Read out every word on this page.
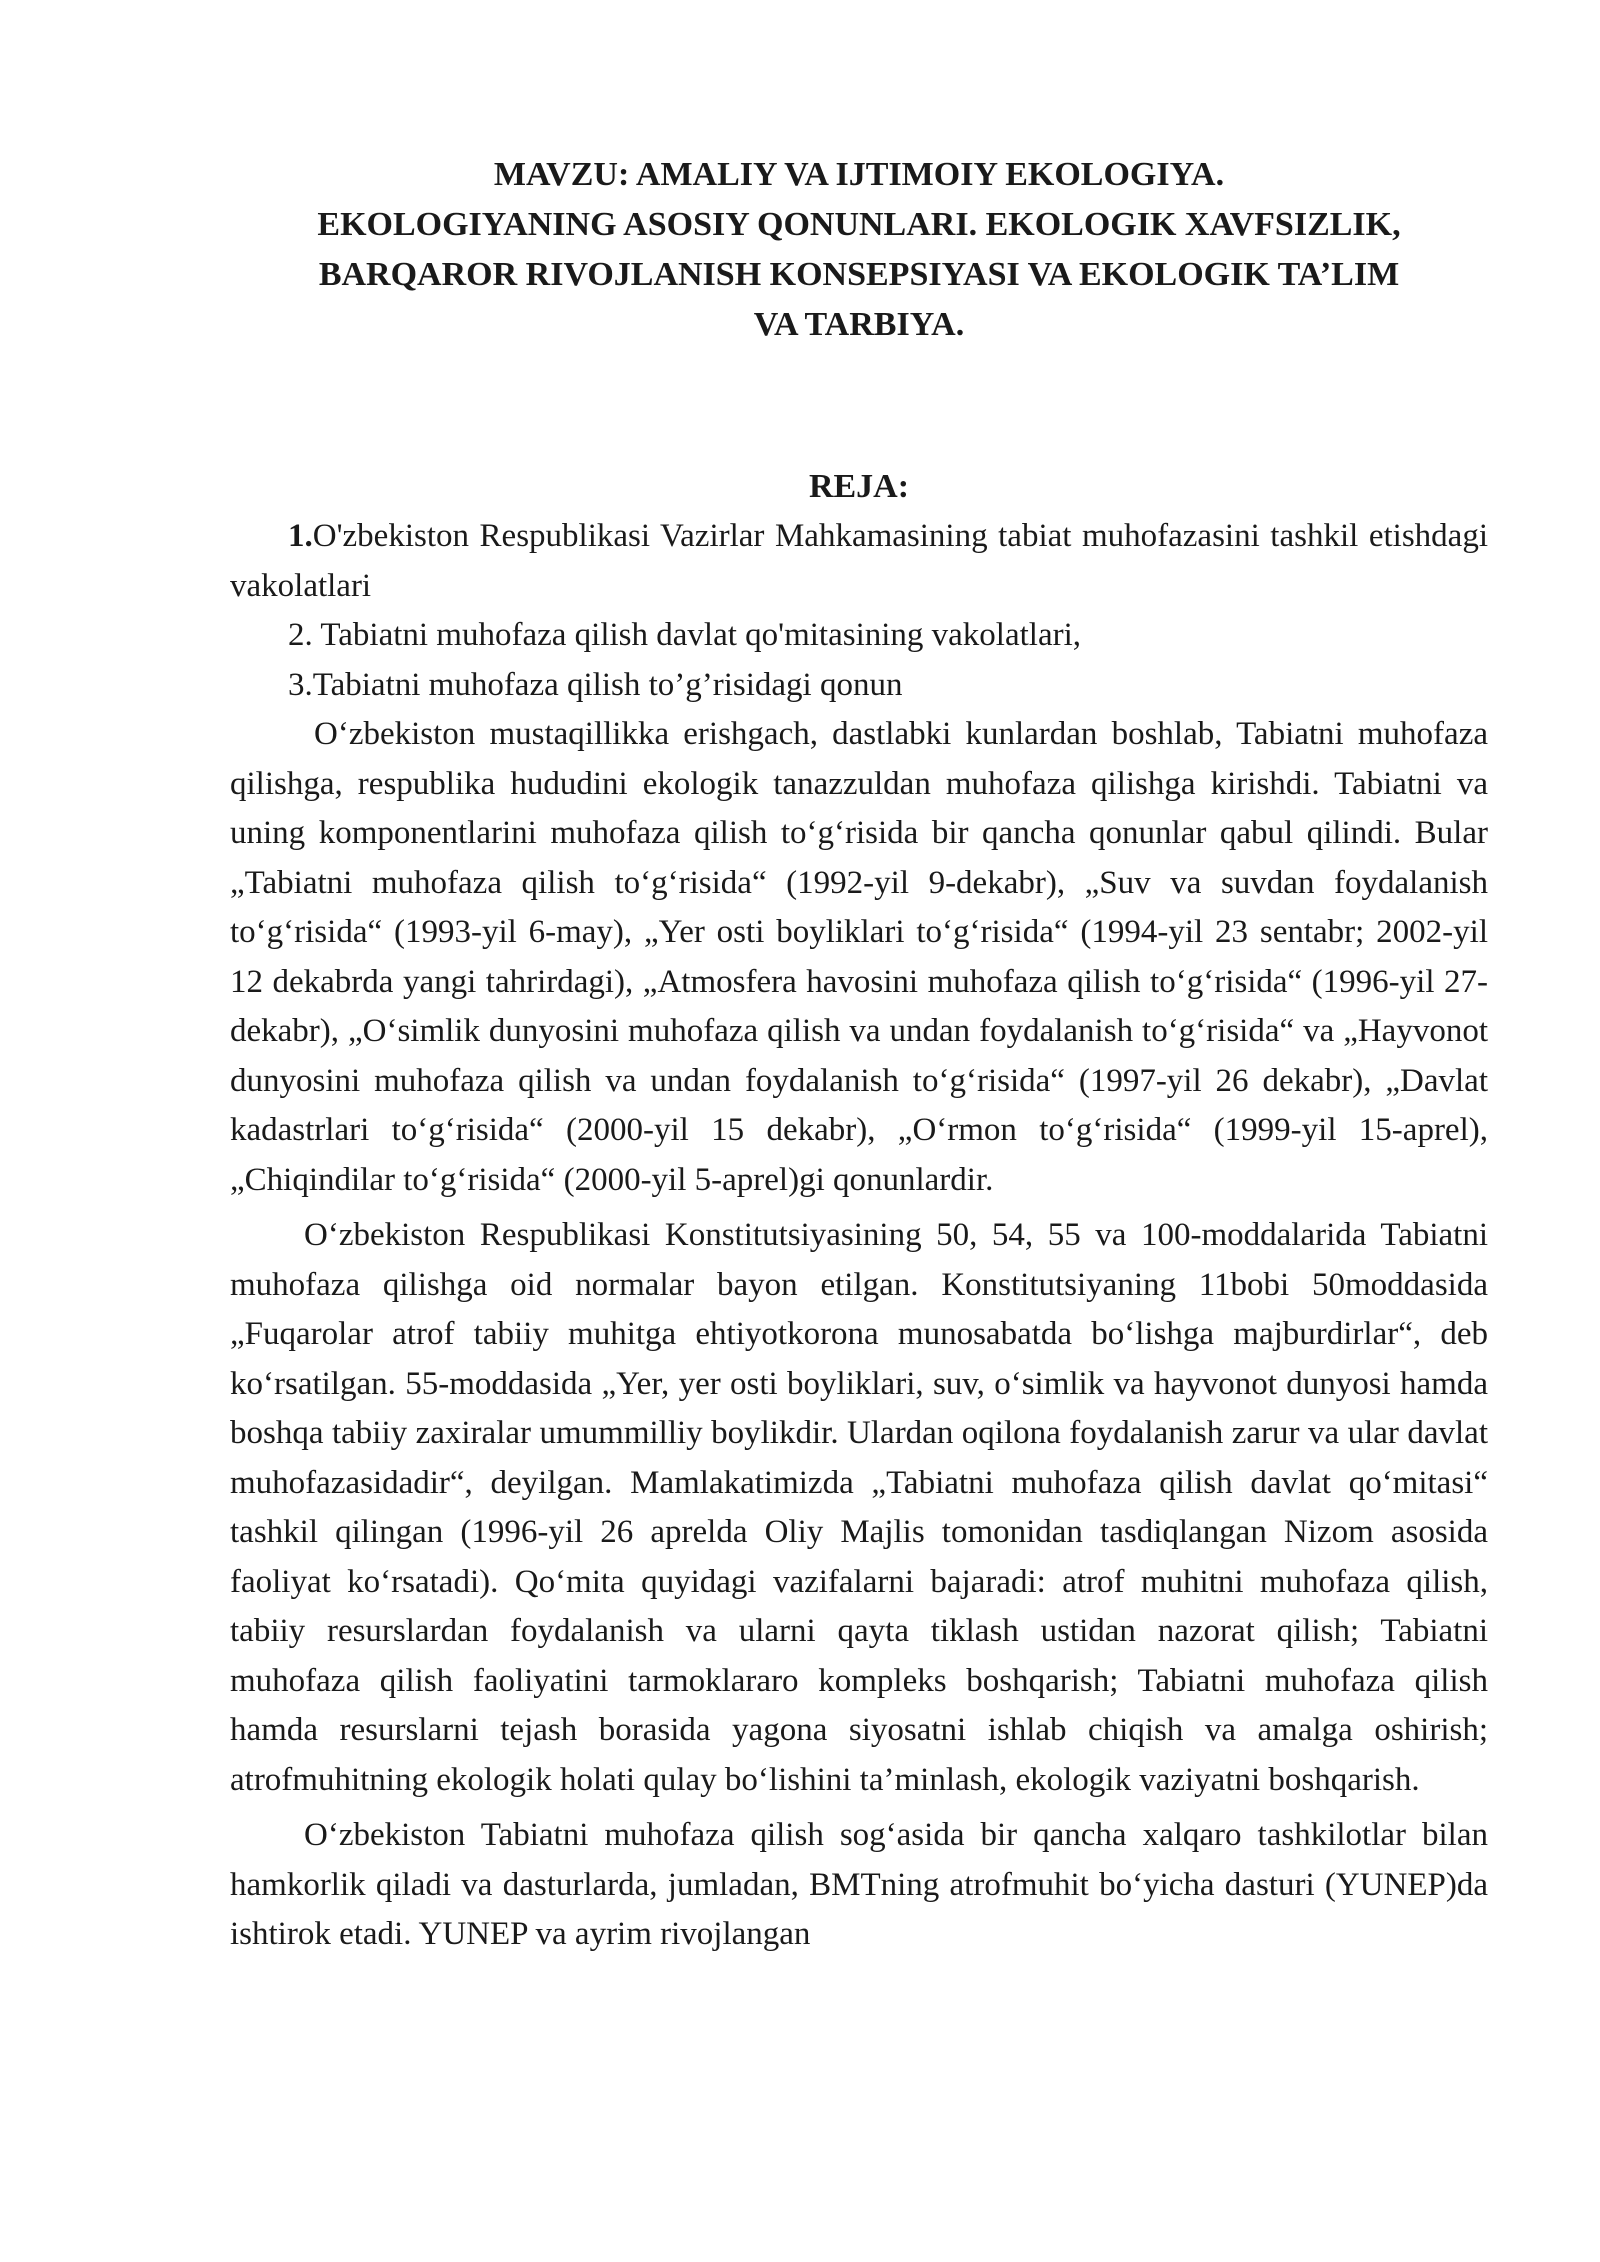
MAVZU: AMALIY VA IJTIMOIY EKOLOGIYA.
EKOLOGIYANING ASOSIY QONUNLARI. EKOLOGIK XAVFSIZLIK,
BARQAROR RIVOJLANISH KONSEPSIYASI VA EKOLOGIK TA’LIM
VA TARBIYA.
REJA:

1.O'zbekiston Respublikasi Vazirlar Mahkamasining tabiat muhofazasini tashkil etishdagi vakolatlari

2. Tabiatni muhofaza qilish davlat qo'mitasining vakolatlari,

3.Tabiatni muhofaza qilish to’g’risidagi qonun

O‘zbekiston mustaqillikka erishgach, dastlabki kunlardan boshlab, Tabiatni muhofaza qilishga, respublika hududini ekologik tanazzuldan muhofaza qilishga kirishdi. Tabiatni va uning komponentlarini muhofaza qilish to‘g‘risida bir qancha qonunlar qabul qilindi. Bular „Tabiatni muhofaza qilish to‘g‘risida“ (1992-yil 9-dekabr), „Suv va suvdan foydalanish to‘g‘risida“ (1993-yil 6-may), „Yer osti boyliklari to‘g‘risida“ (1994-yil 23 sentabr; 2002-yil 12 dekabrda yangi tahrirdagi), „Atmosfera havosini muhofaza qilish to‘g‘risida“ (1996-yil 27-dekabr), „O‘simlik dunyosini muhofaza qilish va undan foydalanish to‘g‘risida“ va „Hayvonot dunyosini muhofaza qilish va undan foydalanish to‘g‘risida“ (1997-yil 26 dekabr), „Davlat kadastrlari to‘g‘risida“ (2000-yil 15 dekabr), „O‘rmon to‘g‘risida“ (1999-yil 15-aprel), „Chiqindilar to‘g‘risida“ (2000-yil 5-aprel)gi qonunlardir.

O‘zbekiston Respublikasi Konstitutsiyasining 50, 54, 55 va 100-moddalarida Tabiatni muhofaza qilishga oid normalar bayon etilgan. Konstitutsiyaning 11bobi 50moddasida „Fuqarolar atrof tabiiy muhitga ehtiyotkorona munosabatda bo‘lishga majburdirlar“, deb ko‘rsatilgan. 55-moddasida „Yer, yer osti boyliklari, suv, o‘simlik va hayvonot dunyosi hamda boshqa tabiiy zaxiralar umummilliy boylikdir. Ulardan oqilona foydalanish zarur va ular davlat muhofazasidadir“, deyilgan. Mamlakatimizda „Tabiatni muhofaza qilish davlat qo‘mitasi“ tashkil qilingan (1996-yil 26 aprelda Oliy Majlis tomonidan tasdiqlangan Nizom asosida faoliyat ko‘rsatadi). Qo‘mita quyidagi vazifalarni bajaradi: atrof muhitni muhofaza qilish, tabiiy resurslardan foydalanish va ularni qayta tiklash ustidan nazorat qilish; Tabiatni muhofaza qilish faoliyatini tarmoklararo kompleks boshqarish; Tabiatni muhofaza qilish hamda resurslarni tejash borasida yagona siyosatni ishlab chiqish va amalga oshirish; atrofmuhitning ekologik holati qulay bo‘lishini ta’minlash, ekologik vaziyatni boshqarish.

O‘zbekiston Tabiatni muhofaza qilish sog‘asida bir qancha xalqaro tashkilotlar bilan hamkorlik qiladi va dasturlarda, jumladan, BMTning atrofmuhit bo‘yicha dasturi (YUNEP)da ishtirok etadi. YUNEP va ayrim rivojlangan
